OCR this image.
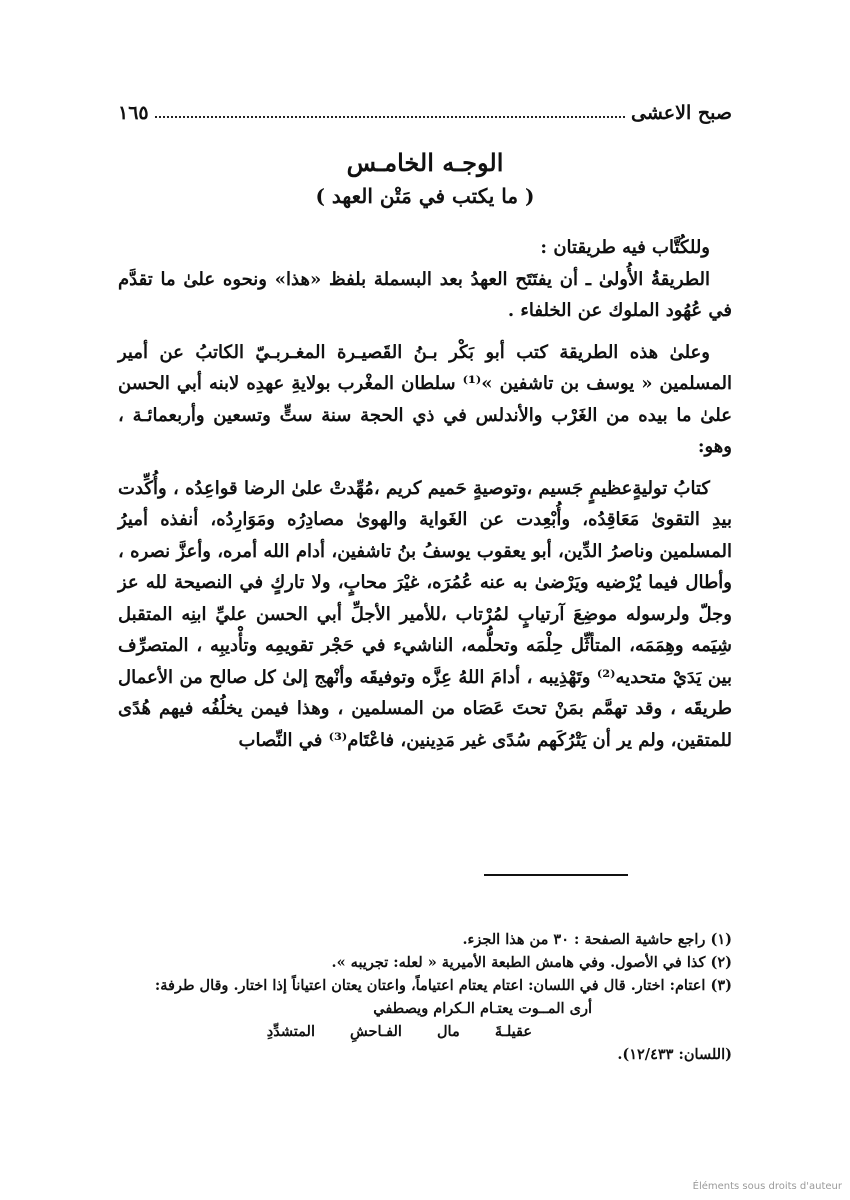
صبح الاعشى
١٦٥
الوجـه الخامـس
( ما يكتب في مَتْن العهد )

وللكُتَّاب فيه طريقتان :

الطريقةُ الأُولىٰ ـ أن يفتَتَح العهدُ بعد البسملة بلفظ «هذا» ونحوه علىٰ ما تقدَّم في عُهُود الملوك عن الخلفاء .

وعلىٰ هذه الطريقة كتب أبو بَكْر بـنُ القَصيـرة المغـربـيّ الكاتبُ عن أمير المسلمين « يوسف بن تاشفين »⁽¹⁾ سلطان المغْرب بولايةِ عهدِه لابنه أبي الحسن علىٰ ما بيده من الغَرْب والأندلس في ذي الحجة سنة ستٍّ وتسعين وأربعمائـة ، وهو:

كتابُ توليةٍعظيمٍ جَسيم ،وتوصيةٍ حَميم كريم ،مُهِّدتْ علىٰ الرضا قواعِدُه ، وأُكِّدت بيدِ التقوىٰ مَعَاقِدُه، وأُبْعِدت عن الغَواية والهوىٰ مصادِرُه ومَوَارِدُه، أنفذه أميرُ المسلمين وناصرُ الدِّين، أبو يعقوب يوسفُ بنُ تاشفين، أدام الله أمره، وأعزَّ نصره ، وأطال فيما يُرْضيه ويَرْضىٰ به عنه عُمُرَه، غيْرَ محابٍ، ولا تاركٍ في النصيحة لله عز وجلّ ولرسوله موضِعَ آرتيابٍ لمُرْتاب ،للأمير الأجلِّ أبي الحسن عليِّ ابنِه المتقبل شِيَمه وهِمَمَه، المتأثِّل حِلْمَه وتحلُّمه، الناشيء في حَجْر تقويمِه وتأْديبِه ، المتصرِّف بين يَدَيْ متحديه⁽²⁾ وتَهْذِيبه ، أدامَ اللهُ عِزَّه وتوفيقَه وأنْهج إلىٰ كل صالح من الأعمال طريقَه ، وقد تهمَّم بمَنْ تحتَ عَصَاه من المسلمين ، وهذا فيمن يخلُفُه فيهم هُدًى للمتقين، ولم ير أن يَتْرُكَهم سُدًى غير مَدِينين، فاعْتَام⁽³⁾ في النِّصاب

(١) راجع حاشية الصفحة : ٣٠ من هذا الجزء.

(٢) كذا في الأصول. وفي هامش الطبعة الأميرية « لعله: تجريبه ».

(٣) اعتام: اختار. قال في اللسان: اعتام يعتام اعتياماً، واعتان يعتان اعتياناً إذا اختار. وقال طرفة:

أرى المــوت يعتـام الـكرام ويصطفي

عقيلـةَ مال الفـاحشِ المتشدِّدِ

(اللسان: ١٢/٤٣٣).

Éléments sous droits d'auteur
